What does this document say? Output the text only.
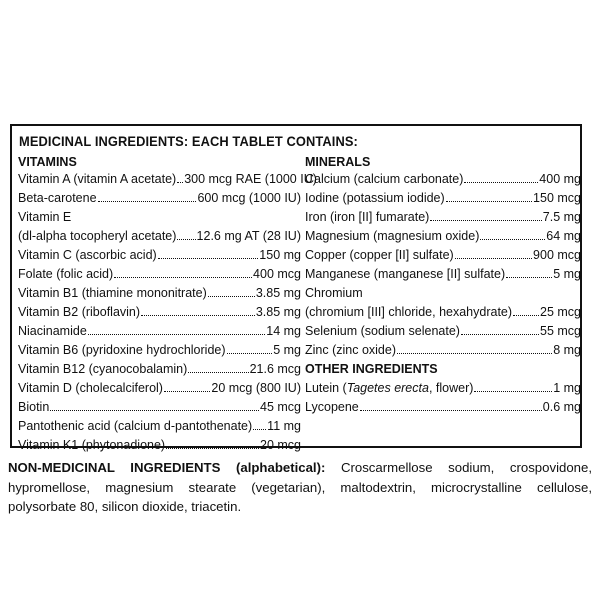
MEDICINAL INGREDIENTS: EACH TABLET CONTAINS:
VITAMINS
Vitamin A (vitamin A acetate) 300 mcg RAE (1000 IU)
Beta-carotene	600 mcg (1000 IU)
Vitamin E
(dl-alpha tocopheryl acetate) 12.6 mg AT (28 IU)
Vitamin C (ascorbic acid)	150 mg
Folate (folic acid)	400 mcg
Vitamin B1 (thiamine mononitrate)	3.85 mg
Vitamin B2 (riboflavin)	3.85 mg
Niacinamide	14 mg
Vitamin B6 (pyridoxine hydrochloride)	5 mg
Vitamin B12 (cyanocobalamin)	21.6 mcg
Vitamin D (cholecalciferol)	20 mcg (800 IU)
Biotin	45 mcg
Pantothenic acid (calcium d-pantothenate) 11 mg
Vitamin K1 (phytonadione)	20 mcg
MINERALS
Calcium (calcium carbonate)	400 mg
Iodine (potassium iodide)	150 mcg
Iron (iron [II] fumarate)	7.5 mg
Magnesium (magnesium oxide)	64 mg
Copper (copper [II] sulfate)	900 mcg
Manganese (manganese [II] sulfate)	5 mg
Chromium
(chromium [III] chloride, hexahydrate) 25 mcg
Selenium (sodium selenate)	55 mcg
Zinc (zinc oxide)	8 mg
OTHER INGREDIENTS
Lutein (Tagetes erecta, flower)	1 mg
Lycopene	0.6 mg
NON-MEDICINAL INGREDIENTS (alphabetical): Croscarmellose sodium, crospovidone, hypromellose, magnesium stearate (vegetarian), maltodextrin, microcrystalline cellulose, polysorbate 80, silicon dioxide, triacetin.
